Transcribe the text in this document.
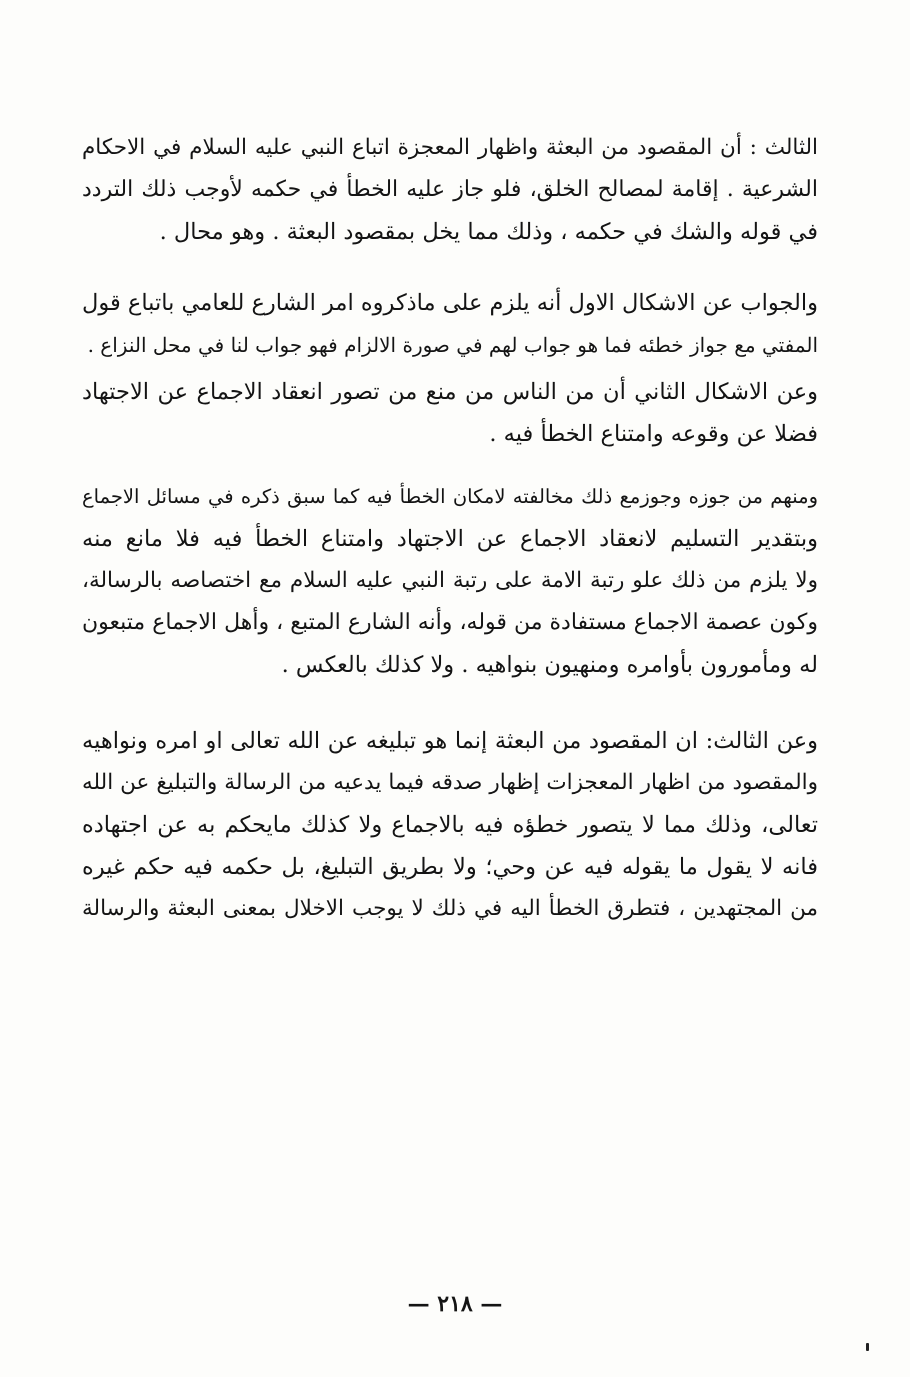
الثالث : أن المقصود من البعثة واظهار المعجزة اتباع النبي عليه السلام في الاحكام
الشرعية . إقامة لمصالح الخلق، فلو جاز عليه الخطأ في حكمه لأوجب ذلك التردد
في قوله والشك في حكمه ، وذلك مما يخل بمقصود البعثة . وهو محال .
والجواب عن الاشكال الاول أنه يلزم على ماذكروه امر الشارع للعامي باتباع قول
المفتي مع جواز خطئه فما هو جواب لهم في صورة الالزام فهو جواب لنا في محل النزاع .
وعن الاشكال الثاني أن من الناس من منع من تصور انعقاد الاجماع عن الاجتهاد
فضلا عن وقوعه وامتناع الخطأ فيه .
ومنهم من جوزه وجوزمع ذلك مخالفته لامكان الخطأ فيه كما سبق ذكره في مسائل الاجماع
وبتقدير التسليم لانعقاد الاجماع عن الاجتهاد وامتناع الخطأ فيه فلا مانع منه
ولا يلزم من ذلك علو رتبة الامة على رتبة النبي عليه السلام مع اختصاصه بالرسالة،
وكون عصمة الاجماع مستفادة من قوله، وأنه الشارع المتبع ، وأهل الاجماع متبعون
له ومأمورون بأوامره ومنهيون بنواهيه . ولا كذلك بالعكس .
وعن الثالث: ان المقصود من البعثة إنما هو تبليغه عن الله تعالى او امره ونواهيه
والمقصود من اظهار المعجزات إظهار صدقه فيما يدعيه من الرسالة والتبليغ عن الله
تعالى، وذلك مما لا يتصور خطؤه فيه بالاجماع ولا كذلك مايحكم به عن اجتهاده
فانه لا يقول ما يقوله فيه عن وحي؛ ولا بطريق التبليغ، بل حكمه فيه حكم غيره
من المجتهدين ، فتطرق الخطأ اليه في ذلك لا يوجب الاخلال بمعنى البعثة والرسالة
— ٢١٨ —
